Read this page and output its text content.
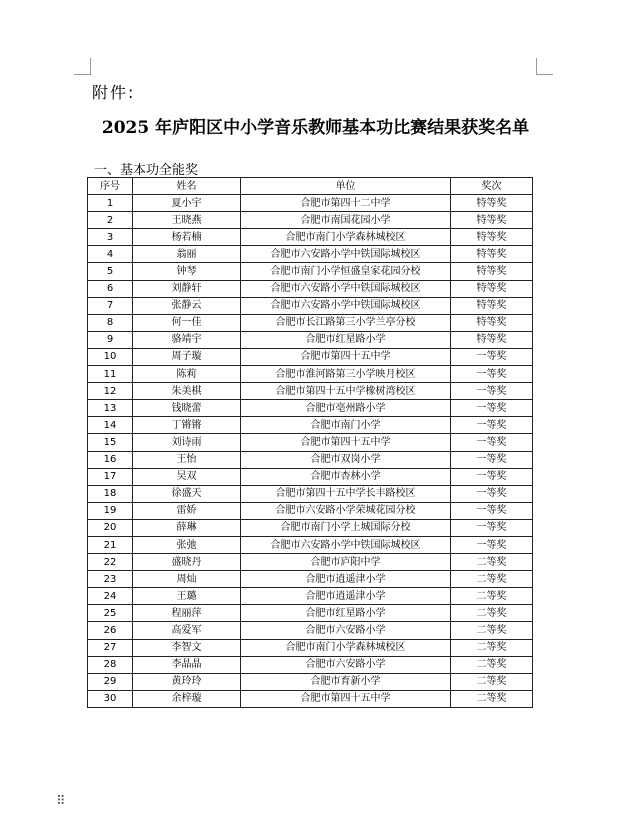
附件:
2025 年庐阳区中小学音乐教师基本功比赛结果获奖名单
一、基本功全能奖
序号	姓名	单位	奖次
1	夏小宇	合肥市第四十二中学	特等奖
2	王晓燕	合肥市南国花园小学	特等奖
3	杨若楠	合肥市南门小学森林城校区	特等奖
4	翁丽	合肥市六安路小学中铁国际城校区	特等奖
5	钟琴	合肥市南门小学恒盛皇家花园分校	特等奖
6	刘静轩	合肥市六安路小学中铁国际城校区	特等奖
7	张静云	合肥市六安路小学中铁国际城校区	特等奖
8	何一佳	合肥市长江路第三小学兰亭分校	特等奖
9	骆靖宇	合肥市红星路小学	特等奖
10	周子璇	合肥市第四十五中学	一等奖
11	陈莉	合肥市淮河路第三小学映月校区	一等奖
12	朱美棋	合肥市第四十五中学橡树湾校区	一等奖
13	钱晓蕾	合肥市亳州路小学	一等奖
14	丁锵锵	合肥市南门小学	一等奖
15	刘诗雨	合肥市第四十五中学	一等奖
16	王怡	合肥市双岗小学	一等奖
17	吴双	合肥市杏林小学	一等奖
18	徐盛天	合肥市第四十五中学长丰路校区	一等奖
19	雷娇	合肥市六安路小学荣城花园分校	一等奖
20	薛琳	合肥市南门小学上城国际分校	一等奖
21	张弛	合肥市六安路小学中铁国际城校区	一等奖
22	盛晓丹	合肥市庐阳中学	二等奖
23	周灿	合肥市逍遥津小学	二等奖
24	王璐	合肥市逍遥津小学	二等奖
25	程丽萍	合肥市红星路小学	二等奖
26	高爱军	合肥市六安路小学	二等奖
27	李智文	合肥市南门小学森林城校区	二等奖
28	李晶晶	合肥市六安路小学	二等奖
29	黄玲玲	合肥市育新小学	二等奖
30	余梓璇	合肥市第四十五中学	二等奖
⠿
